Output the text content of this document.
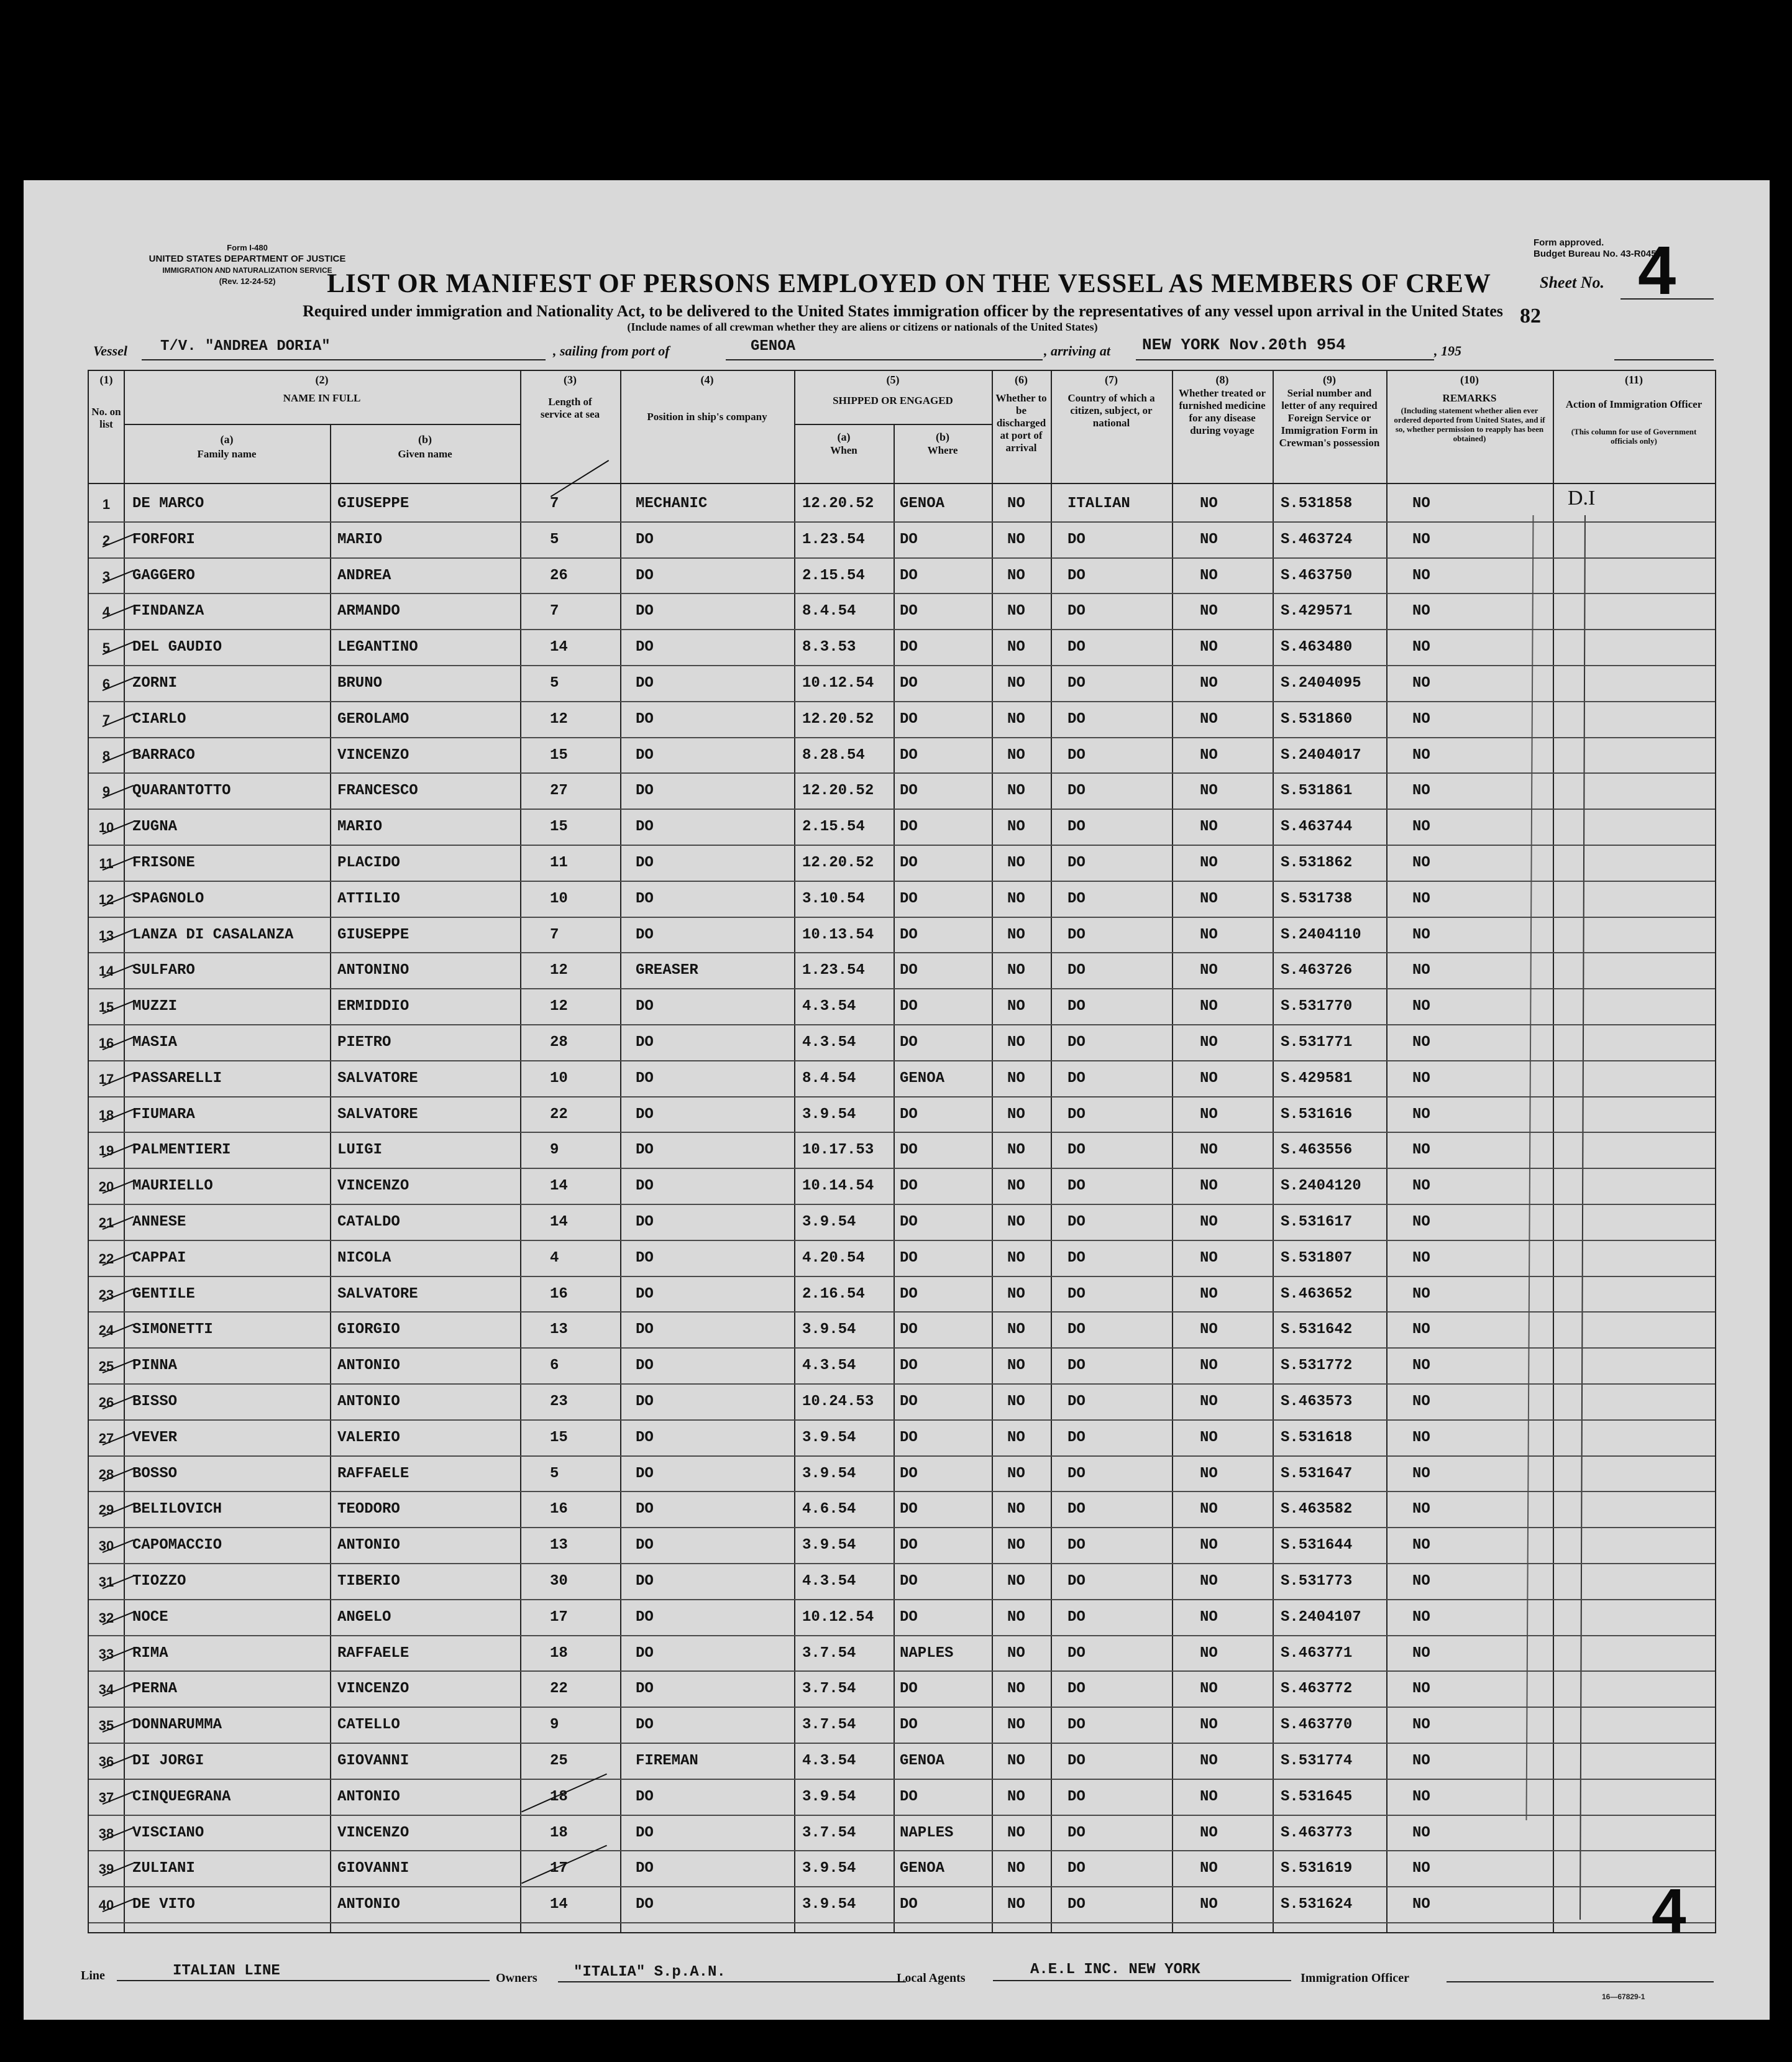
Form I-480
UNITED STATES DEPARTMENT OF JUSTICE
IMMIGRATION AND NATURALIZATION SERVICE
(Rev. 12-24-52)
Form approved.
Budget Bureau No. 43-R045.5.
LIST OR MANIFEST OF PERSONS EMPLOYED ON THE VESSEL AS MEMBERS OF CREW	Sheet No. 4
Required under immigration and Nationality Act, to be delivered to the United States immigration officer by the representatives of any vessel upon arrival in the United States
(Include names of all crewman whether they are aliens or citizens or nationals of the United States)	82
Vessel T/V. "ANDREA DORIA"	, sailing from port of	GENOA	, arriving at NEW YORK Nov.20th 954	, 195
(1)
No. on list
(2)
NAME IN FULL
(a)
Family name
(b)
Given name
(3)
Length of service at sea
(4)
Position in ship's company
(5)
SHIPPED OR ENGAGED
(a)
When
(b)
Where
(6)
Whether to be discharged at port of arrival
(7)
Country of which a citizen, subject, or national
(8)
Whether treated or furnished medicine for any disease during voyage
(9)
Serial number and letter of any required Foreign Service or Immigration Form in Crewman's possession
(10)
REMARKS
(Including statement whether alien ever ordered deported from United States, and if so, whether permission to reapply has been obtained)
(11)
Action of Immigration Officer
(This column for use of Government officials only)
1	DE MARCO	GIUSEPPE	7	MECHANIC	12.20.52 GENOA	NO	ITALIAN	NO	S.531858	NO	D.I
2	FORFORI	MARIO	5	DO	1.23.54 DO	NO	DO	NO	S.463724	NO
3	GAGGERO	ANDREA	26	DO	2.15.54 DO	NO	DO	NO	S.463750	NO
4	FINDANZA	ARMANDO	7	DO	8.4.54	DO	NO	DO	NO	S.429571	NO
5	DEL GAUDIO	LEGANTINO	14	DO	8.3.53	DO	NO	DO	NO	S.463480	NO
6	ZORNI	BRUNO	5	DO	10.12.54 DO	NO	DO	NO	S.2404095	NO
7	CIARLO	GEROLAMO	12	DO	12.20.52 DO	NO	DO	NO	S.531860	NO
8	BARRACO	VINCENZO	15	DO	8.28.54 DO	NO	DO	NO	S.2404017	NO
9	QUARANTOTTO	FRANCESCO	27	DO	12.20.52 DO	NO	DO	NO	S.531861	NO
10	ZUGNA	MARIO	15	DO	2.15.54 DO	NO	DO	NO	S.463744	NO
11	FRISONE	PLACIDO	11	DO	12.20.52 DO	NO	DO	NO	S.531862	NO
12	SPAGNOLO	ATTILIO	10	DO	3.10.54 DO	NO	DO	NO	S.531738	NO
13	LANZA DI CASALANZA	GIUSEPPE	7	DO	10.13.54 DO	NO	DO	NO	S.2404110	NO
14	SULFARO	ANTONINO	12	GREASER	1.23.54 DO	NO	DO	NO	S.463726	NO
15	MUZZI	ERMIDDIO	12	DO	4.3.54	DO	NO	DO	NO	S.531770	NO
16	MASIA	PIETRO	28	DO	4.3.54	DO	NO	DO	NO	S.531771	NO
17	PASSARELLI	SALVATORE	10	DO	8.4.54	GENOA	NO	DO	NO	S.429581	NO
18	FIUMARA	SALVATORE	22	DO	3.9.54	DO	NO	DO	NO	S.531616	NO
19	PALMENTIERI	LUIGI	9	DO	10.17.53 DO	NO	DO	NO	S.463556	NO
20	MAURIELLO	VINCENZO	14	DO	10.14.54 DO	NO	DO	NO	S.2404120	NO
21	ANNESE	CATALDO	14	DO	3.9.54	DO	NO	DO	NO	S.531617	NO
22	CAPPAI	NICOLA	4	DO	4.20.54 DO	NO	DO	NO	S.531807	NO
23	GENTILE	SALVATORE	16	DO	2.16.54 DO	NO	DO	NO	S.463652	NO
24	SIMONETTI	GIORGIO	13	DO	3.9.54	DO	NO	DO	NO	S.531642	NO
25	PINNA	ANTONIO	6	DO	4.3.54	DO	NO	DO	NO	S.531772	NO
26	BISSO	ANTONIO	23	DO	10.24.53 DO	NO	DO	NO	S.463573	NO
27	VEVER	VALERIO	15	DO	3.9.54	DO	NO	DO	NO	S.531618	NO
28	BOSSO	RAFFAELE	5	DO	3.9.54	DO	NO	DO	NO	S.531647	NO
29	BELILOVICH	TEODORO	16	DO	4.6.54	DO	NO	DO	NO	S.463582	NO
30	CAPOMACCIO	ANTONIO	13	DO	3.9.54	DO	NO	DO	NO	S.531644	NO
31	TIOZZO	TIBERIO	30	DO	4.3.54	DO	NO	DO	NO	S.531773	NO
32	NOCE	ANGELO	17	DO	10.12.54 DO	NO	DO	NO	S.2404107	NO
33	RIMA	RAFFAELE	18	DO	3.7.54	NAPLES	NO	DO	NO	S.463771	NO
34	PERNA	VINCENZO	22	DO	3.7.54	DO	NO	DO	NO	S.463772	NO
35	DONNARUMMA	CATELLO	9	DO	3.7.54	DO	NO	DO	NO	S.463770	NO
36	DI JORGI	GIOVANNI	25	FIREMAN	4.3.54	GENOA	NO	DO	NO	S.531774	NO
37	CINQUEGRANA	ANTONIO	18	DO	3.9.54	DO	NO	DO	NO	S.531645	NO
38	VISCIANO	VINCENZO	18	DO	3.7.54	NAPLES	NO	DO	NO	S.463773	NO
39	ZULIANI	GIOVANNI	17	DO	3.9.54	GENOA	NO	DO	NO	S.531619	NO
40	DE VITO	ANTONIO	14	DO	3.9.54	DO	NO	DO	NO	S.531624	NO
Line	ITALIAN LINE	Owners "ITALIA" S.p.A.N.	Local Agents	A.E.L INC. NEW YORK	Immigration Officer
16—67829-1
4
